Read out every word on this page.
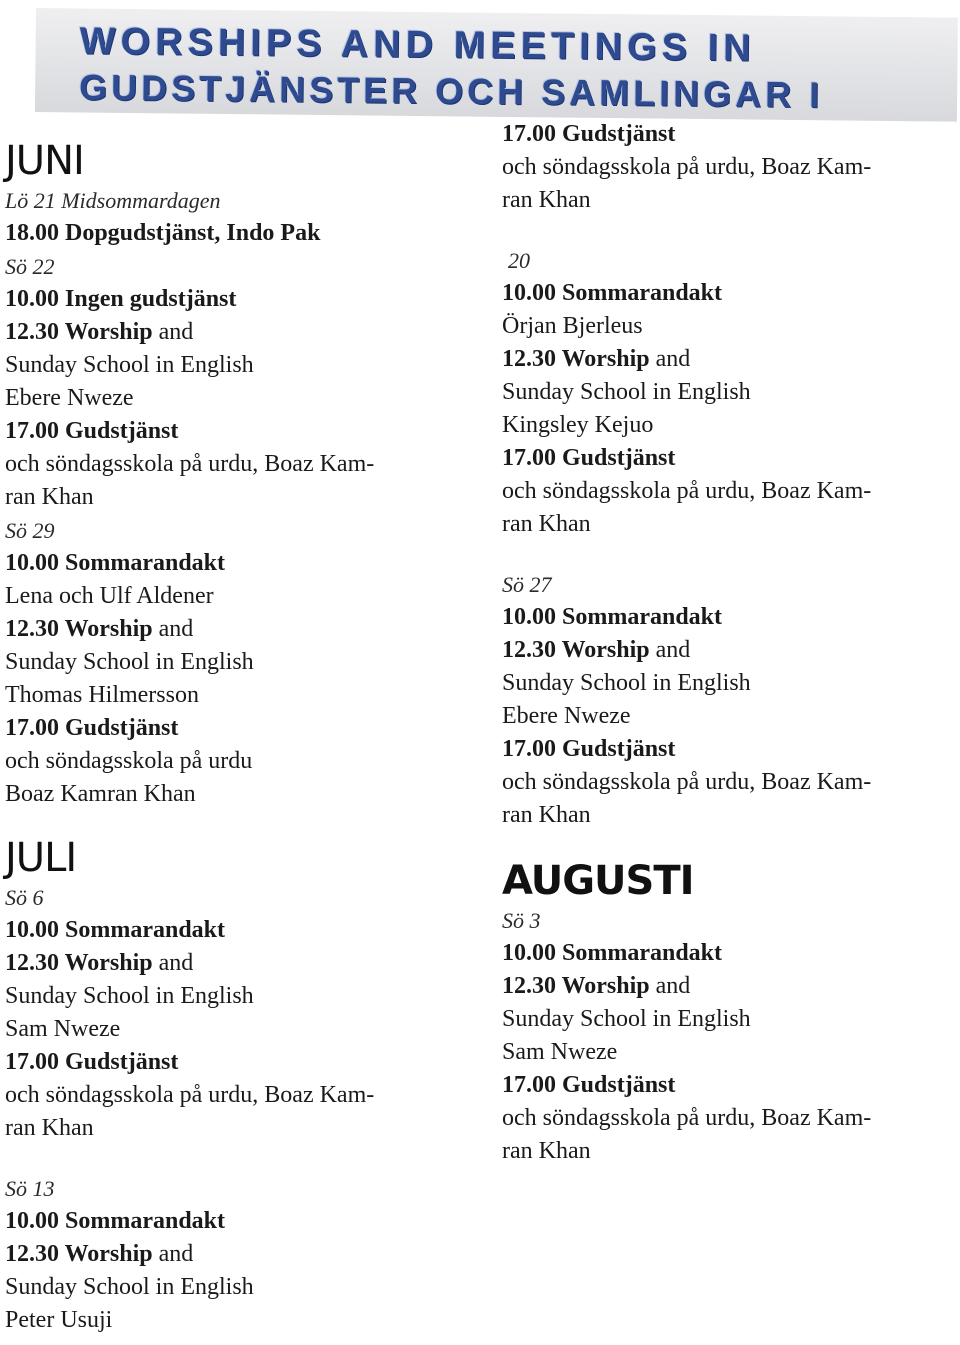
WORSHIPS AND MEETINGS IN
GUDSTJÄNSTER OCH SAMLINGAR I
JUNI
Lö 21 Midsommardagen
18.00 Dopgudstjänst, Indo Pak
Sö 22
10.00 Ingen gudstjänst
12.30 Worship and
Sunday School in English
Ebere Nweze
17.00 Gudstjänst
och söndagsskola på urdu, Boaz Kam-
ran Khan
Sö 29
10.00 Sommarandakt
Lena och Ulf Aldener
12.30 Worship and
Sunday School in English
Thomas Hilmersson
17.00 Gudstjänst
och söndagsskola på urdu
Boaz Kamran Khan
JULI
Sö 6
10.00 Sommarandakt
12.30 Worship and
Sunday School in English
Sam Nweze
17.00 Gudstjänst
och söndagsskola på urdu, Boaz Kam-
ran Khan
Sö 13
10.00 Sommarandakt
12.30 Worship and
Sunday School in English
Peter Usuji
17.00 Gudstjänst
och söndagsskola på urdu, Boaz Kam-
ran Khan
20
10.00 Sommarandakt
Örjan Bjerleus
12.30 Worship and
Sunday School in English
Kingsley Kejuo
17.00 Gudstjänst
och söndagsskola på urdu, Boaz Kam-
ran Khan
Sö 27
10.00 Sommarandakt
12.30 Worship and
Sunday School in English
Ebere Nweze
17.00 Gudstjänst
och söndagsskola på urdu, Boaz Kam-
ran Khan
AUGUSTI
Sö 3
10.00 Sommarandakt
12.30 Worship and
Sunday School in English
Sam Nweze
17.00 Gudstjänst
och söndagsskola på urdu, Boaz Kam-
ran Khan
